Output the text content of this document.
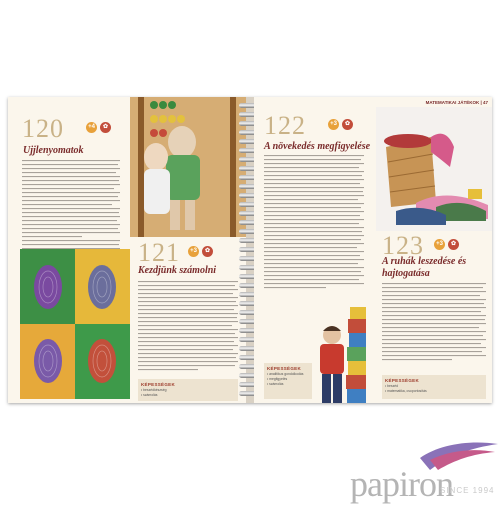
120	+4	✿
Ujjlenyomatok
121	+3	✿
Kezdjünk számolni
KÉPESSÉGEK
• beszédkészség
• számolás
MATEMATIKAI JÁTÉKOK | 47
122	+3	✿
A növekedés megfigyelése
KÉPESSÉGEK
• analitikus gondolkodás
• megfigyelés
• számolás
123	+3	✿
A ruhák leszedése és hajtogatása
KÉPESSÉGEK
• beszéd
• matematika, csoportosítás
papiron
SINCE 1994
